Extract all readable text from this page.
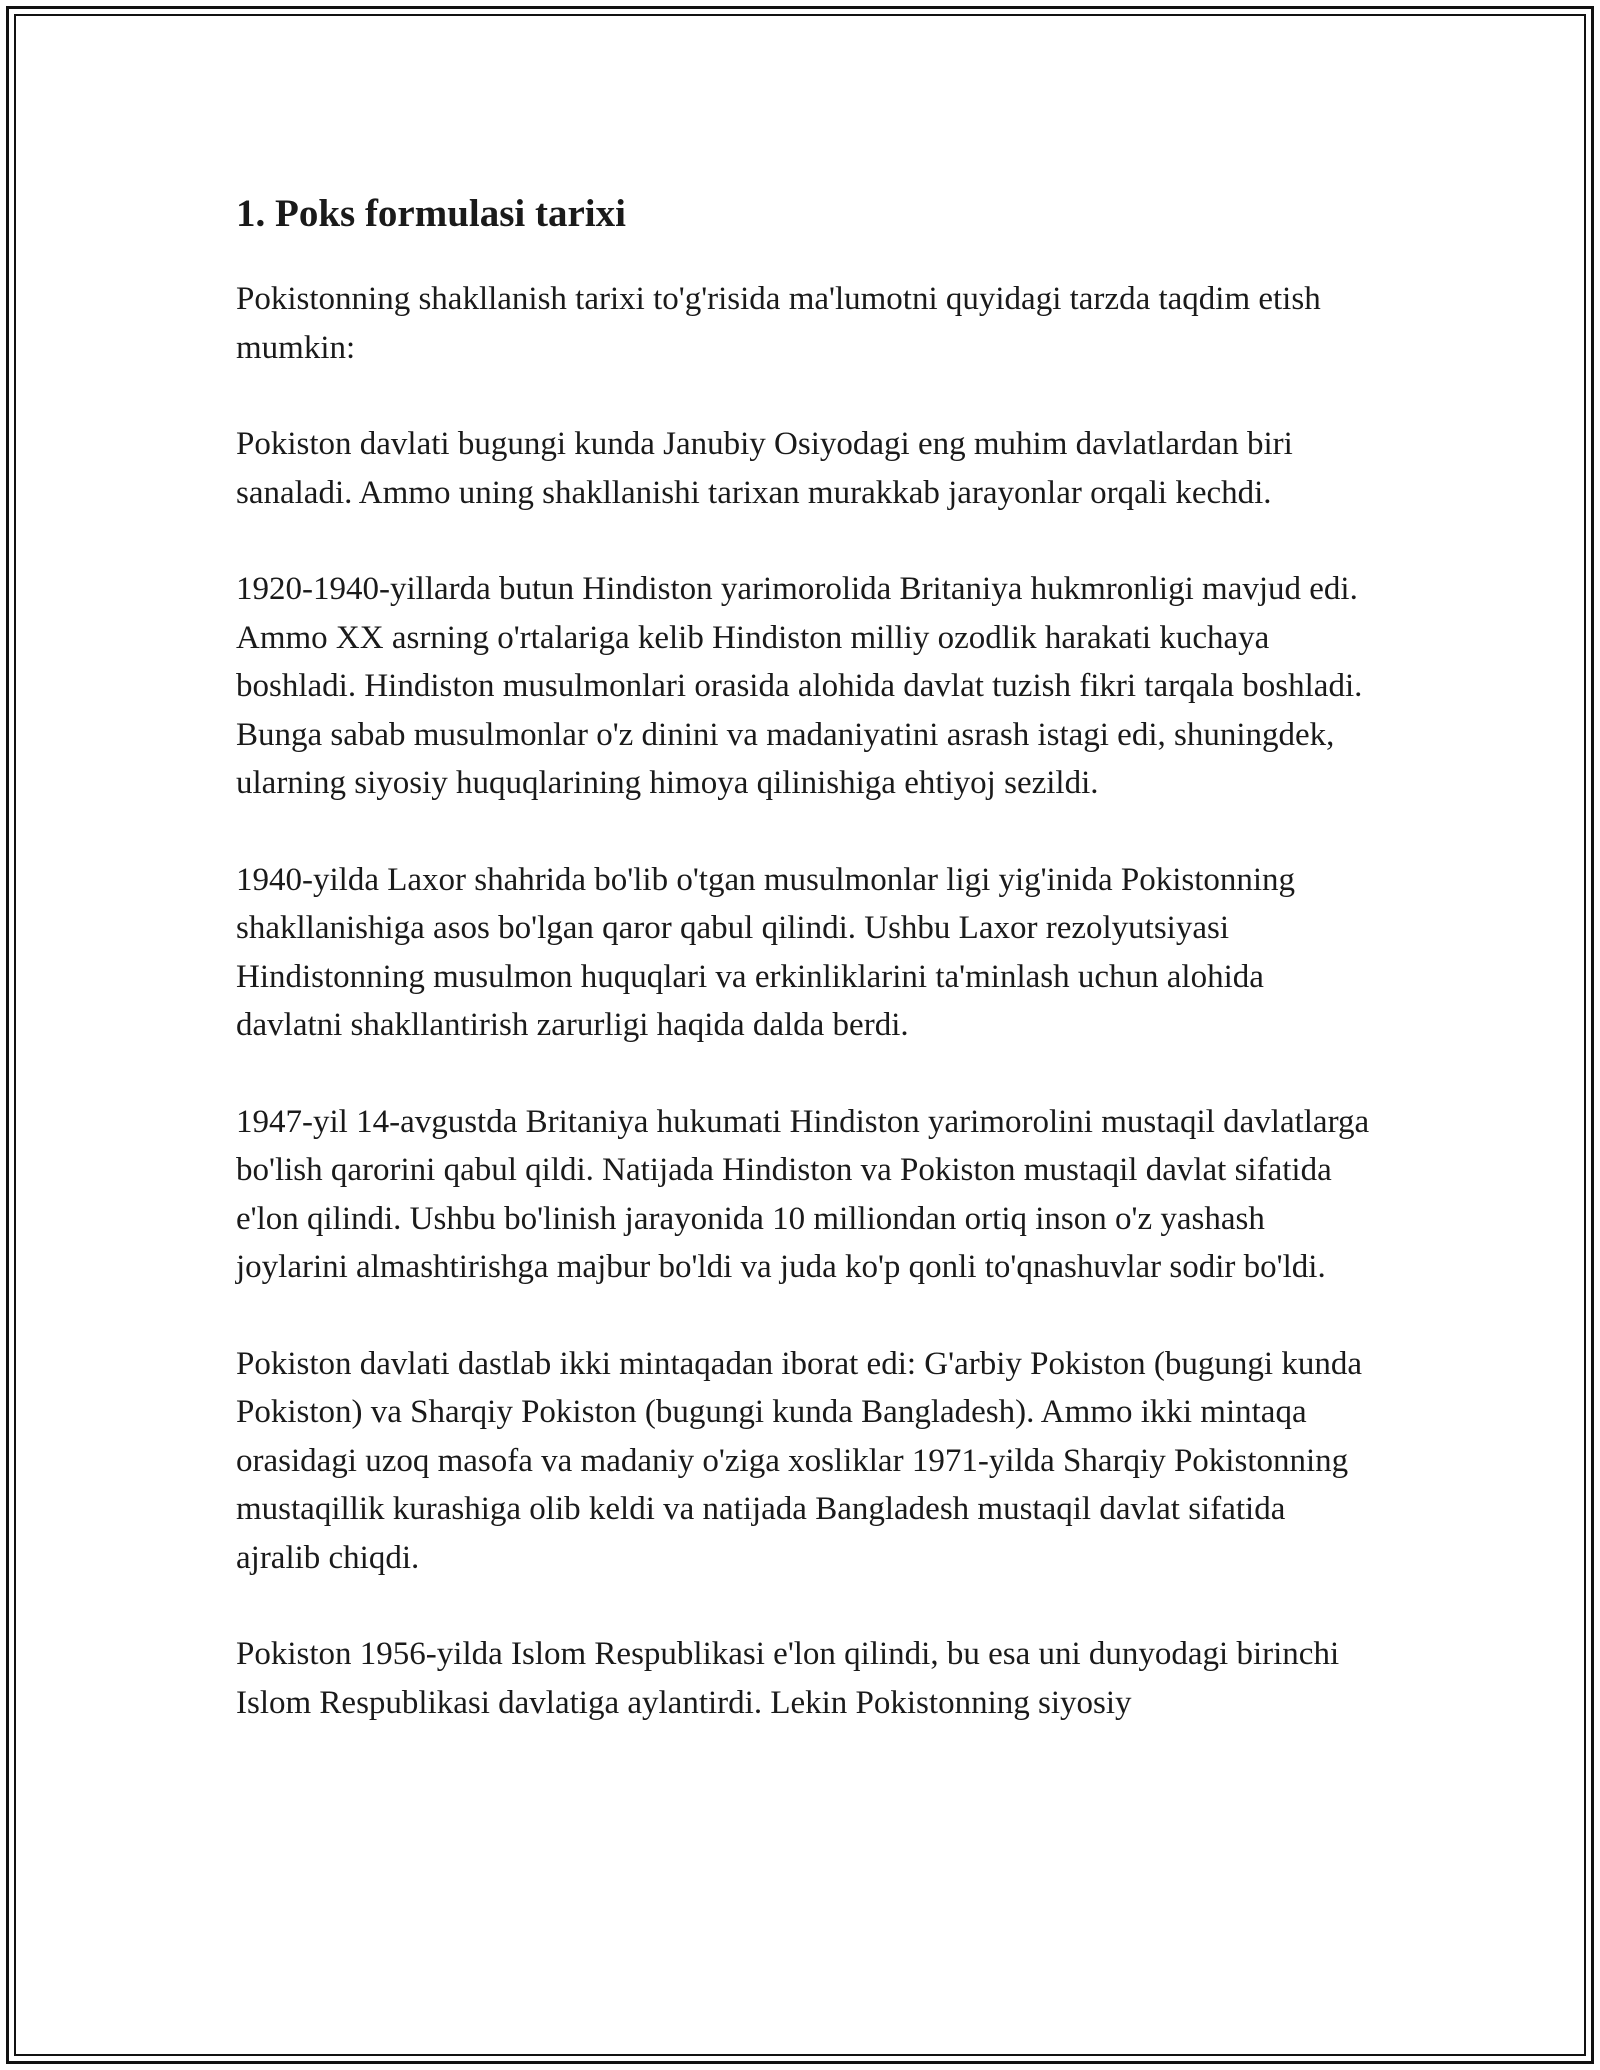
1. Poks formulasi tarixi

Pokistonning shakllanish tarixi to'g'risida ma'lumotni quyidagi tarzda taqdim etish mumkin:

Pokiston davlati bugungi kunda Janubiy Osiyodagi eng muhim davlatlardan biri sanaladi. Ammo uning shakllanishi tarixan murakkab jarayonlar orqali kechdi.

1920-1940-yillarda butun Hindiston yarimorolida Britaniya hukmronligi mavjud edi. Ammo XX asrning o'rtalariga kelib Hindiston milliy ozodlik harakati kuchaya boshladi. Hindiston musulmonlari orasida alohida davlat tuzish fikri tarqala boshladi. Bunga sabab musulmonlar o'z dinini va madaniyatini asrash istagi edi, shuningdek, ularning siyosiy huquqlarining himoya qilinishiga ehtiyoj sezildi.

1940-yilda Laxor shahrida bo'lib o'tgan musulmonlar ligi yig'inida Pokistonning shakllanishiga asos bo'lgan qaror qabul qilindi. Ushbu Laxor rezolyutsiyasi Hindistonning musulmon huquqlari va erkinliklarini ta'minlash uchun alohida davlatni shakllantirish zarurligi haqida dalda berdi.

1947-yil 14-avgustda Britaniya hukumati Hindiston yarimorolini mustaqil davlatlarga bo'lish qarorini qabul qildi. Natijada Hindiston va Pokiston mustaqil davlat sifatida e'lon qilindi. Ushbu bo'linish jarayonida 10 milliondan ortiq inson o'z yashash joylarini almashtirishga majbur bo'ldi va juda ko'p qonli to'qnashuvlar sodir bo'ldi.

Pokiston davlati dastlab ikki mintaqadan iborat edi: G'arbiy Pokiston (bugungi kunda Pokiston) va Sharqiy Pokiston (bugungi kunda Bangladesh). Ammo ikki mintaqa orasidagi uzoq masofa va madaniy o'ziga xosliklar 1971-yilda Sharqiy Pokistonning mustaqillik kurashiga olib keldi va natijada Bangladesh mustaqil davlat sifatida ajralib chiqdi.

Pokiston 1956-yilda Islom Respublikasi e'lon qilindi, bu esa uni dunyodagi birinchi Islom Respublikasi davlatiga aylantirdi. Lekin Pokistonning siyosiy
